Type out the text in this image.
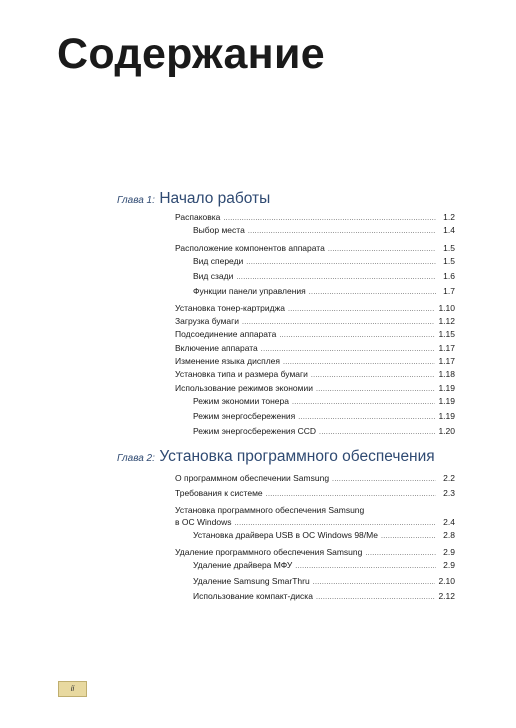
Содержание
Глава 1: Начало работы
Распаковка . . .	1.2
Выбор места . . .	1.4
Расположение компонентов аппарата . . .	1.5
Вид спереди . . .	1.5
Вид сзади . . .	1.6
Функции панели управления . . .	1.7
Установка тонер-картриджа . . .	1.10
Загрузка бумаги . . .	1.12
Подсоединение аппарата . . .	1.15
Включение аппарата . . .	1.17
Изменение языка дисплея . . .	1.17
Установка типа и размера бумаги . . .	1.18
Использование режимов экономии . . .	1.19
Режим экономии тонера . . .	1.19
Режим энергосбережения . . .	1.19
Режим энергосбережения CCD . . .	1.20
Глава 2: Установка программного обеспечения
О программном обеспечении Samsung . . .	2.2
Требования к системе . . .	2.3
Установка программного обеспечения Samsung
в ОС Windows . . .	2.4
Установка драйвера USB в ОС Windows 98/Me . . .	2.8
Удаление программного обеспечения Samsung . . .	2.9
Удаление драйвера МФУ . . .	2.9
Удаление Samsung SmarThru . . .	2.10
Использование компакт-диска . . .	2.12
ii
